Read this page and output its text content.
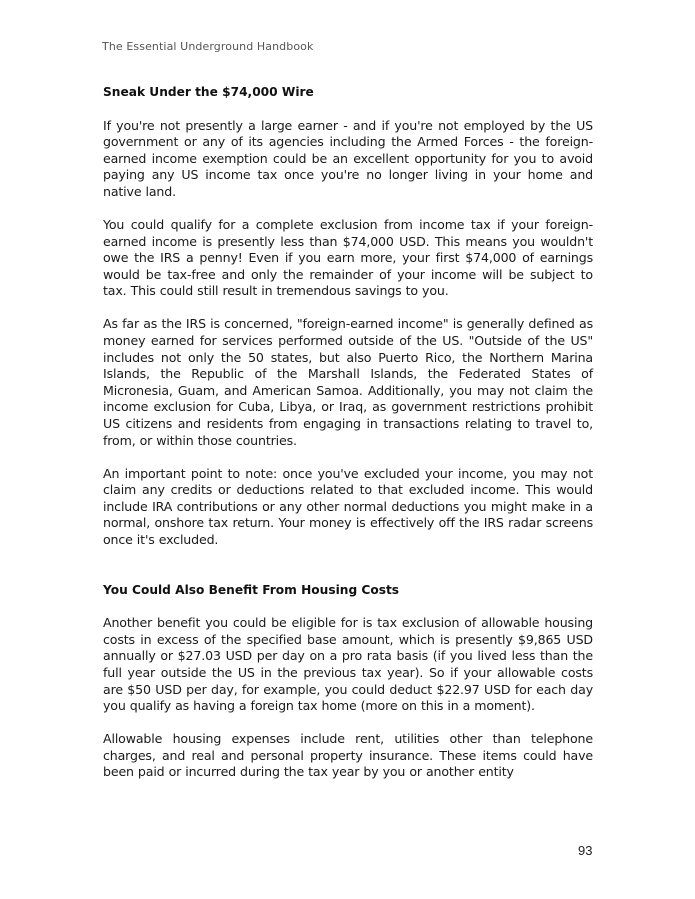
The Essential Underground Handbook
Sneak Under the $74,000 Wire

If you're not presently a large earner - and if you're not employed by the US government or any of its agencies including the Armed Forces - the foreign-earned income exemption could be an excellent opportunity for you to avoid paying any US income tax once you're no longer living in your home and native land.

You could qualify for a complete exclusion from income tax if your foreign-earned income is presently less than $74,000 USD. This means you wouldn't owe the IRS a penny! Even if you earn more, your first $74,000 of earnings would be tax-free and only the remainder of your income will be subject to tax. This could still result in tremendous savings to you.

As far as the IRS is concerned, "foreign-earned income" is generally defined as money earned for services performed outside of the US. "Outside of the US" includes not only the 50 states, but also Puerto Rico, the Northern Marina Islands, the Republic of the Marshall Islands, the Federated States of Micronesia, Guam, and American Samoa. Additionally, you may not claim the income exclusion for Cuba, Libya, or Iraq, as government restrictions prohibit US citizens and residents from engaging in transactions relating to travel to, from, or within those countries.

An important point to note: once you've excluded your income, you may not claim any credits or deductions related to that excluded income. This would include IRA contributions or any other normal deductions you might make in a normal, onshore tax return. Your money is effectively off the IRS radar screens once it's excluded.

You Could Also Benefit From Housing Costs

Another benefit you could be eligible for is tax exclusion of allowable housing costs in excess of the specified base amount, which is presently $9,865 USD annually or $27.03 USD per day on a pro rata basis (if you lived less than the full year outside the US in the previous tax year). So if your allowable costs are $50 USD per day, for example, you could deduct $22.97 USD for each day you qualify as having a foreign tax home (more on this in a moment).

Allowable housing expenses include rent, utilities other than telephone charges, and real and personal property insurance. These items could have been paid or incurred during the tax year by you or another entity

93
